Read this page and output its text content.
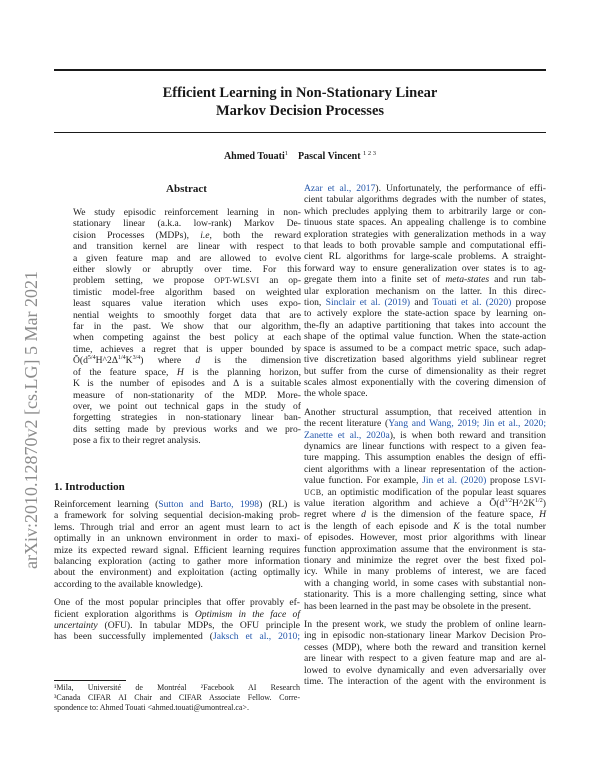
Efficient Learning in Non-Stationary Linear
Markov Decision Processes
Ahmed Touati$^1$ Pascal Vincent $^{1 2 3}$
arXiv:2010.12870v2 [cs.LG] 5 Mar 2021
Abstract
We study episodic reinforcement learning in non-
stationary linear (a.k.a. low-rank) Markov De-
cision Processes (MDPs), i.e, both the reward
and transition kernel are linear with respect to
a given feature map and are allowed to evolve
either slowly or abruptly over time. For this
problem setting, we propose OPT-WLSVI an op-
timistic model-free algorithm based on weighted
least squares value iteration which uses expo-
nential weights to smoothly forget data that are
far in the past. We show that our algorithm,
when competing against the best policy at each
time, achieves a regret that is upper bounded by
$Õ(d^{5/4}H\^{}2\Delta^{1/4}K^{3/4})$ where d is the dimension
of the feature space, H is the planning horizon,
K is the number of episodes and Δ is a suitable
measure of non-stationarity of the MDP. More-
over, we point out technical gaps in the study of
forgetting strategies in non-stationary linear ban-
dits setting made by previous works and we pro-
pose a fix to their regret analysis.
1. Introduction
Reinforcement learning (Sutton and Barto, 1998) (RL) is
a framework for solving sequential decision-making prob-
lems. Through trial and error an agent must learn to act
optimally in an unknown environment in order to maxi-
mize its expected reward signal. Efficient learning requires
balancing exploration (acting to gather more information
about the environment) and exploitation (acting optimally
according to the available knowledge).
One of the most popular principles that offer provably ef-
ficient exploration algorithms is Optimism in the face of
uncertainty (OFU). In tabular MDPs, the OFU principle
has been successfully implemented (Jaksch et al., 2010;
¹Mila, Université de Montréal ²Facebook AI Research
³Canada CIFAR AI Chair and CIFAR Associate Fellow. Corre-
spondence to: Ahmed Touati <ahmed.touati@umontreal.ca>.
Azar et al., 2017). Unfortunately, the performance of effi-
cient tabular algorithms degrades with the number of states,
which precludes applying them to arbitrarily large or con-
tinuous state spaces. An appealing challenge is to combine
exploration strategies with generalization methods in a way
that leads to both provable sample and computational effi-
cient RL algorithms for large-scale problems. A straight-
forward way to ensure generalization over states is to ag-
gregate them into a finite set of meta-states and run tab-
ular exploration mechanism on the latter. In this direc-
tion, Sinclair et al. (2019) and Touati et al. (2020) propose
to actively explore the state-action space by learning on-
the-fly an adaptive partitioning that takes into account the
shape of the optimal value function. When the state-action
space is assumed to be a compact metric space, such adap-
tive discretization based algorithms yield sublinear regret
but suffer from the curse of dimensionality as their regret
scales almost exponentially with the covering dimension of
the whole space.
Another structural assumption, that received attention in
the recent literature (Yang and Wang, 2019; Jin et al., 2020;
Zanette et al., 2020a), is when both reward and transition
dynamics are linear functions with respect to a given fea-
ture mapping. This assumption enables the design of effi-
cient algorithms with a linear representation of the action-
value function. For example, Jin et al. (2020) propose LSVI-
UCB, an optimistic modification of the popular least squares
value iteration algorithm and achieve a $Õ(d^{3/2}H\^{}2K^{1/2})$
regret where d is the dimension of the feature space, H
is the length of each episode and K is the total number
of episodes. However, most prior algorithms with linear
function approximation assume that the environment is sta-
tionary and minimize the regret over the best fixed pol-
icy. While in many problems of interest, we are faced
with a changing world, in some cases with substantial non-
stationarity. This is a more challenging setting, since what
has been learned in the past may be obsolete in the present.
In the present work, we study the problem of online learn-
ing in episodic non-stationary linear Markov Decision Pro-
cesses (MDP), where both the reward and transition kernel
are linear with respect to a given feature map and are al-
lowed to evolve dynamically and even adversarially over
time. The interaction of the agent with the environment is
